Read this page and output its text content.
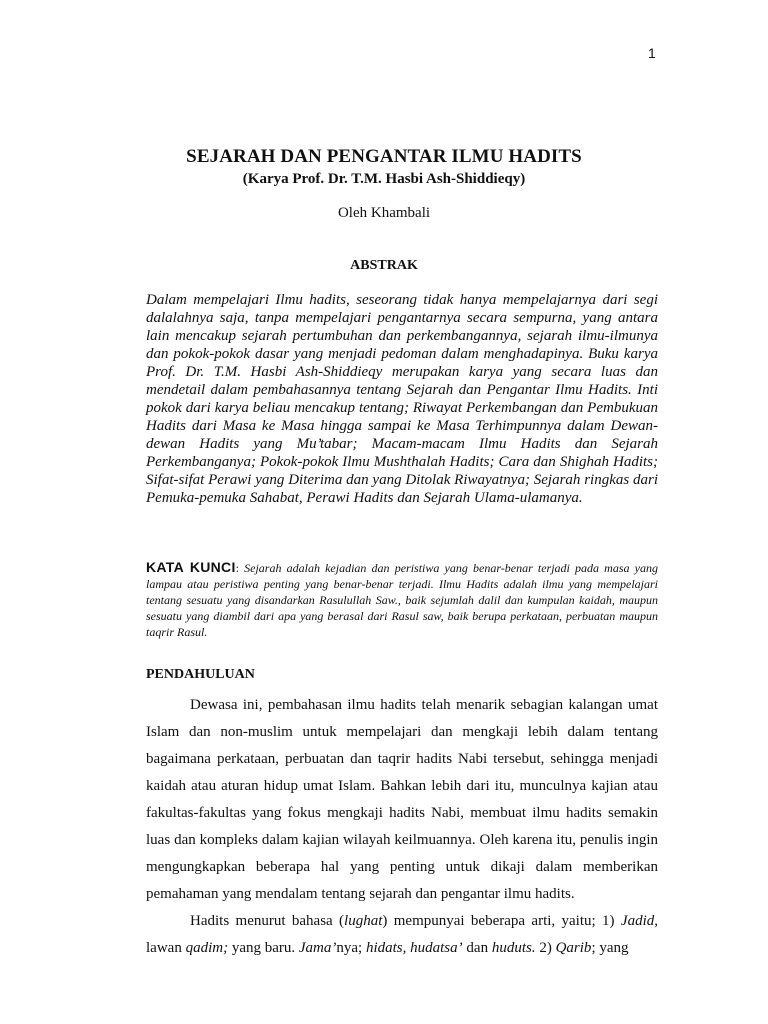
1
SEJARAH DAN PENGANTAR ILMU HADITS
(Karya Prof. Dr. T.M. Hasbi Ash-Shiddieqy)
Oleh Khambali
ABSTRAK
Dalam mempelajari Ilmu hadits, seseorang tidak hanya mempelajarnya dari segi dalalahnya saja, tanpa mempelajari pengantarnya secara sempurna, yang antara lain mencakup sejarah pertumbuhan dan perkembangannya, sejarah ilmu-ilmunya dan pokok-pokok dasar yang menjadi pedoman dalam menghadapinya. Buku karya Prof. Dr. T.M. Hasbi Ash-Shiddieqy merupakan karya yang secara luas dan mendetail dalam pembahasannya tentang Sejarah dan Pengantar Ilmu Hadits. Inti pokok dari karya beliau mencakup tentang; Riwayat Perkembangan dan Pembukuan Hadits dari Masa ke Masa hingga sampai ke Masa Terhimpunnya dalam Dewan-dewan Hadits yang Mu’tabar; Macam-macam Ilmu Hadits dan Sejarah Perkembanganya; Pokok-pokok Ilmu Mushthalah Hadits; Cara dan Shighah Hadits; Sifat-sifat Perawi yang Diterima dan yang Ditolak Riwayatnya; Sejarah ringkas dari Pemuka-pemuka Sahabat, Perawi Hadits dan Sejarah Ulama-ulamanya.
KATA KUNCI: Sejarah adalah kejadian dan peristiwa yang benar-benar terjadi pada masa yang lampau atau peristiwa penting yang benar-benar terjadi. Ilmu Hadits adalah ilmu yang mempelajari tentang sesuatu yang disandarkan Rasulullah Saw., baik sejumlah dalil dan kumpulan kaidah, maupun sesuatu yang diambil dari apa yang berasal dari Rasul saw, baik berupa perkataan, perbuatan maupun taqrir Rasul.
PENDAHULUAN

Dewasa ini, pembahasan ilmu hadits telah menarik sebagian kalangan umat Islam dan non-muslim untuk mempelajari dan mengkaji lebih dalam tentang bagaimana perkataan, perbuatan dan taqrir hadits Nabi tersebut, sehingga menjadi kaidah atau aturan hidup umat Islam. Bahkan lebih dari itu, munculnya kajian atau fakultas-fakultas yang fokus mengkaji hadits Nabi, membuat ilmu hadits semakin luas dan kompleks dalam kajian wilayah keilmuannya. Oleh karena itu, penulis ingin mengungkapkan beberapa hal yang penting untuk dikaji dalam memberikan pemahaman yang mendalam tentang sejarah dan pengantar ilmu hadits.

Hadits menurut bahasa (lughat) mempunyai beberapa arti, yaitu; 1) Jadid, lawan qadim; yang baru. Jama’nya; hidats, hudatsa’ dan huduts. 2) Qarib; yang
